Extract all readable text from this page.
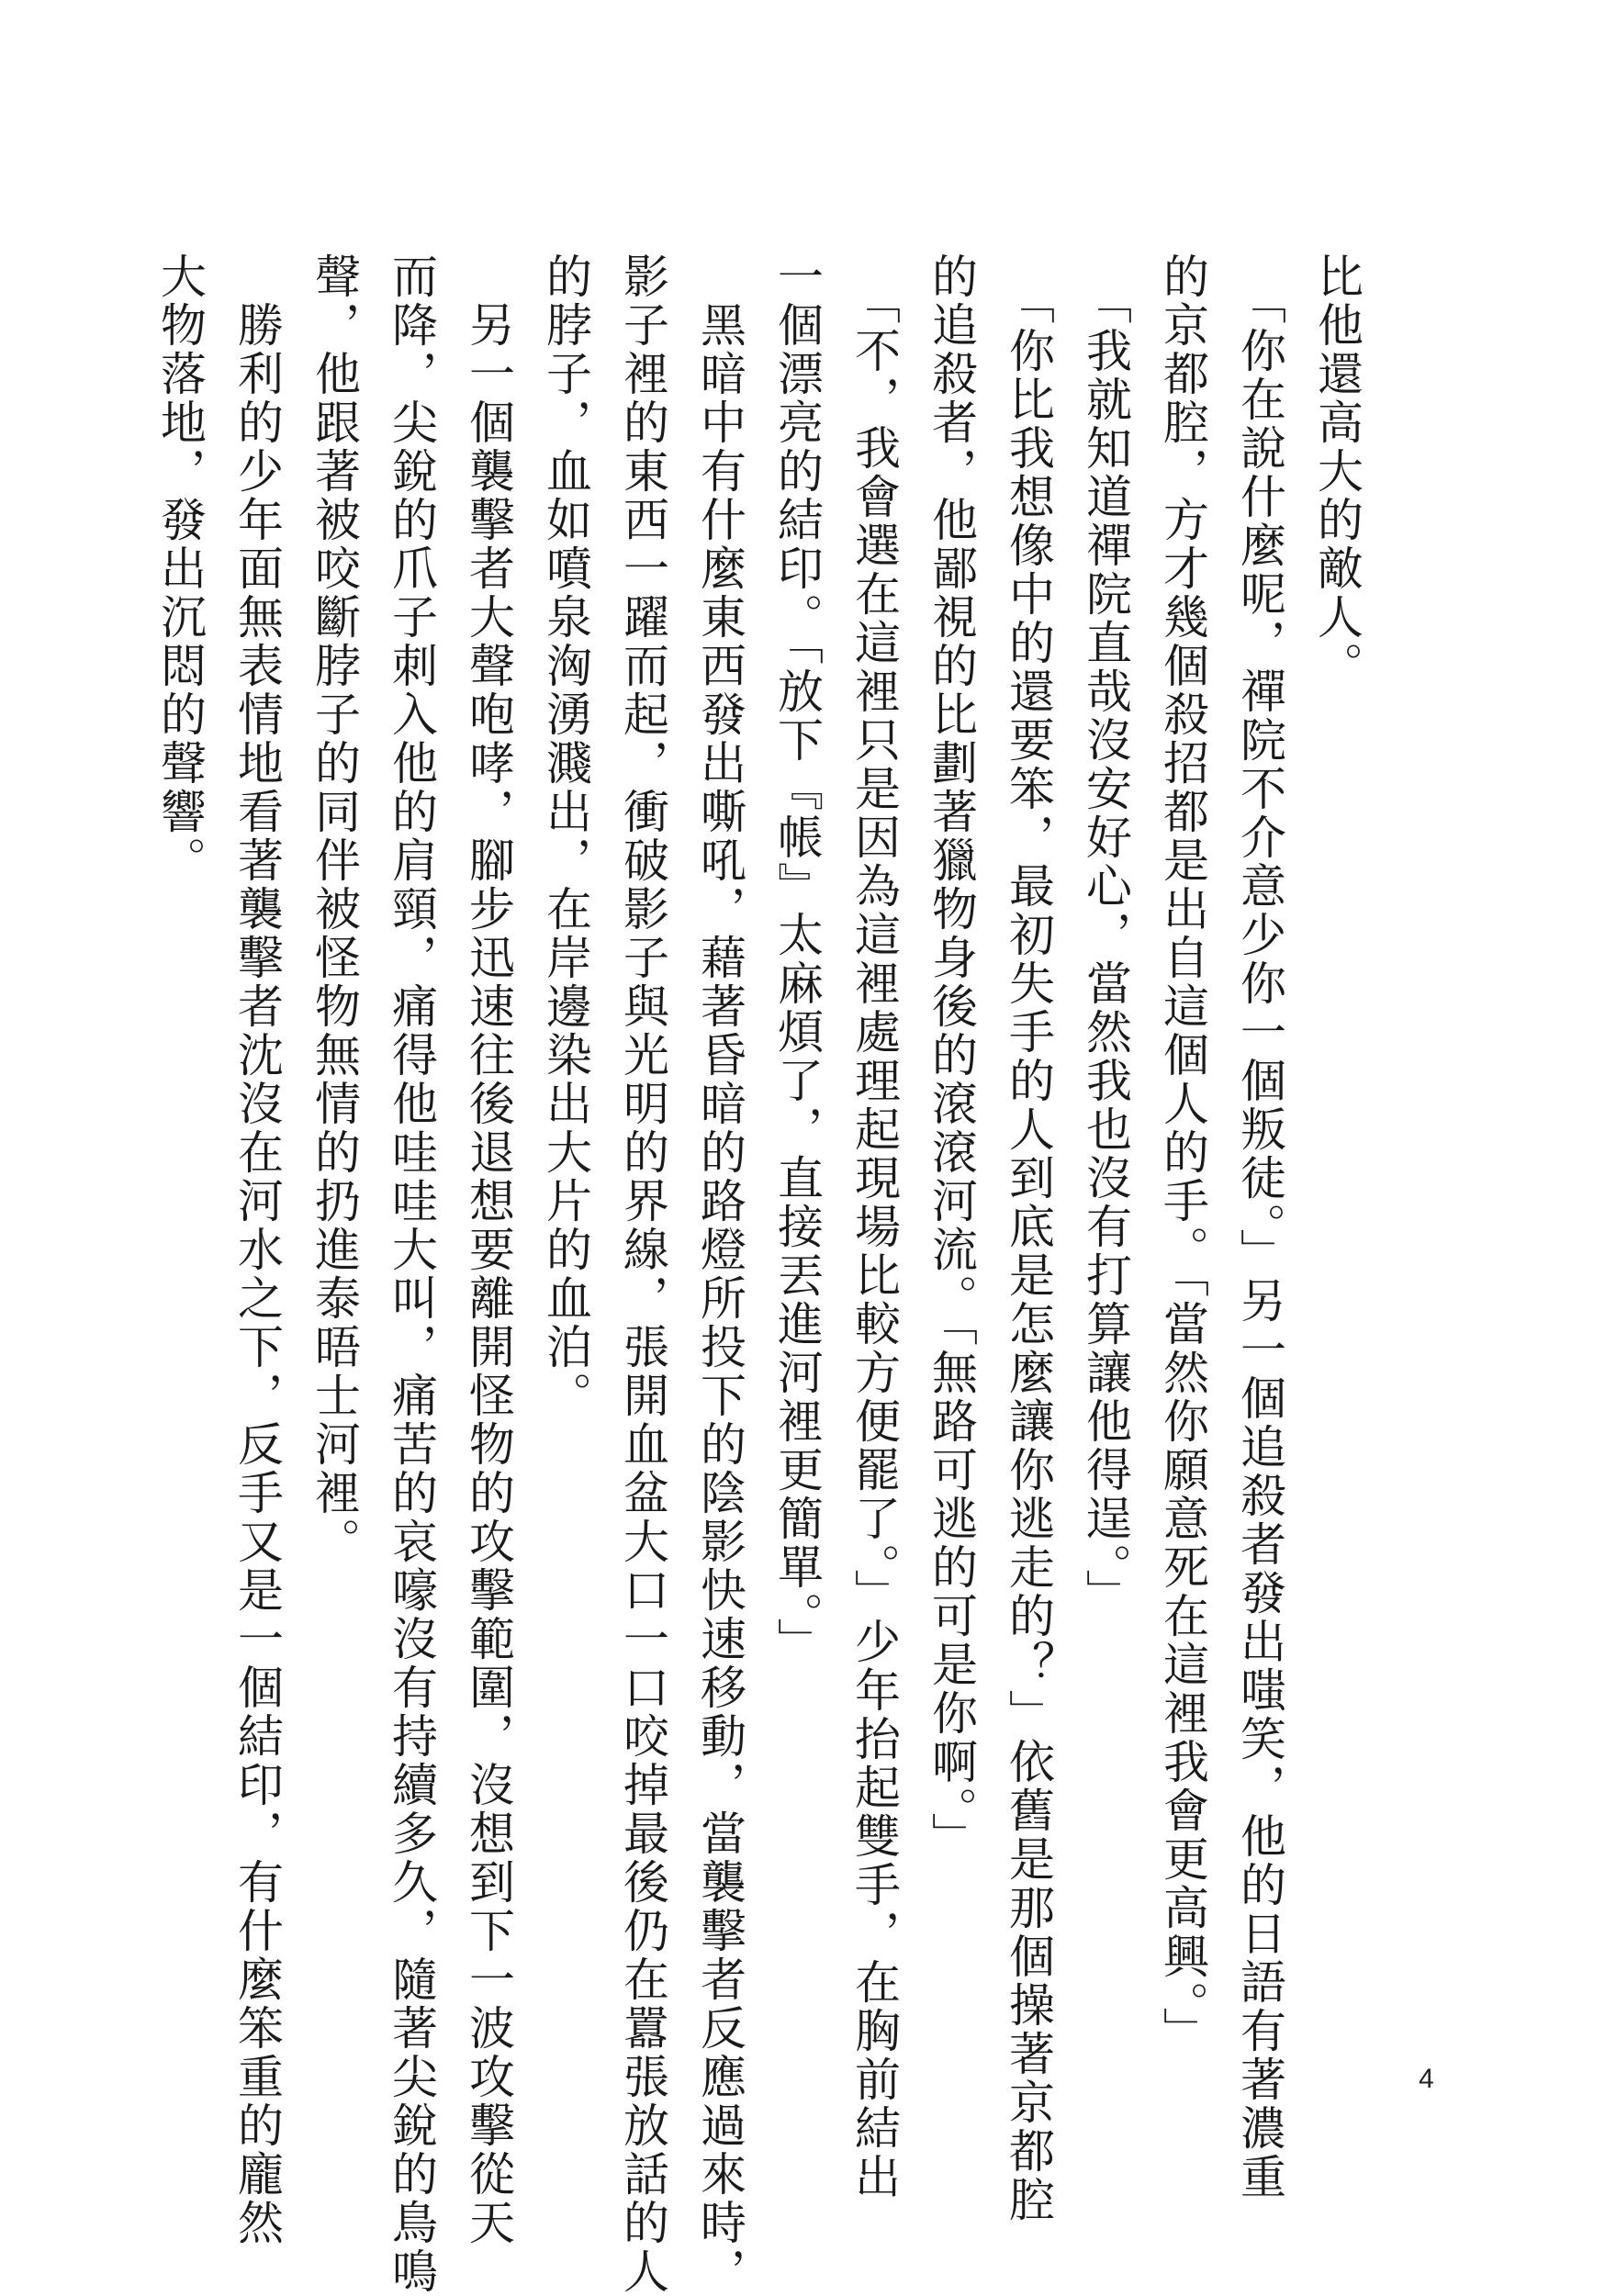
比他還高大的敵人。
　「你在說什麼呢，禪院不介意少你一個叛徒。」另一個追殺者發出嗤笑，他的日語有著濃重
的京都腔，方才幾個殺招都是出自這個人的手。「當然你願意死在這裡我會更高興。」
　「我就知道禪院直哉沒安好心，當然我也沒有打算讓他得逞。」
　「你比我想像中的還要笨，最初失手的人到底是怎麼讓你逃走的？」依舊是那個操著京都腔
的追殺者，他鄙視的比劃著獵物身後的滾滾河流。「無路可逃的可是你啊。」
　「不，我會選在這裡只是因為這裡處理起現場比較方便罷了。」少年抬起雙手，在胸前結出
一個漂亮的結印。「放下『帳』太麻煩了，直接丟進河裡更簡單。」
　黑暗中有什麼東西發出嘶吼，藉著昏暗的路燈所投下的陰影快速移動，當襲擊者反應過來時，
影子裡的東西一躍而起，衝破影子與光明的界線，張開血盆大口一口咬掉最後仍在囂張放話的人
的脖子，血如噴泉洶湧濺出，在岸邊染出大片的血泊。
　另一個襲擊者大聲咆哮，腳步迅速往後退想要離開怪物的攻擊範圍，沒想到下一波攻擊從天
而降，尖銳的爪子刺入他的肩頸，痛得他哇哇大叫，痛苦的哀嚎沒有持續多久，隨著尖銳的鳥鳴
聲，他跟著被咬斷脖子的同伴被怪物無情的扔進泰晤士河裡。
　勝利的少年面無表情地看著襲擊者沈沒在河水之下，反手又是一個結印，有什麼笨重的龐然
大物落地，發出沉悶的聲響。
4
